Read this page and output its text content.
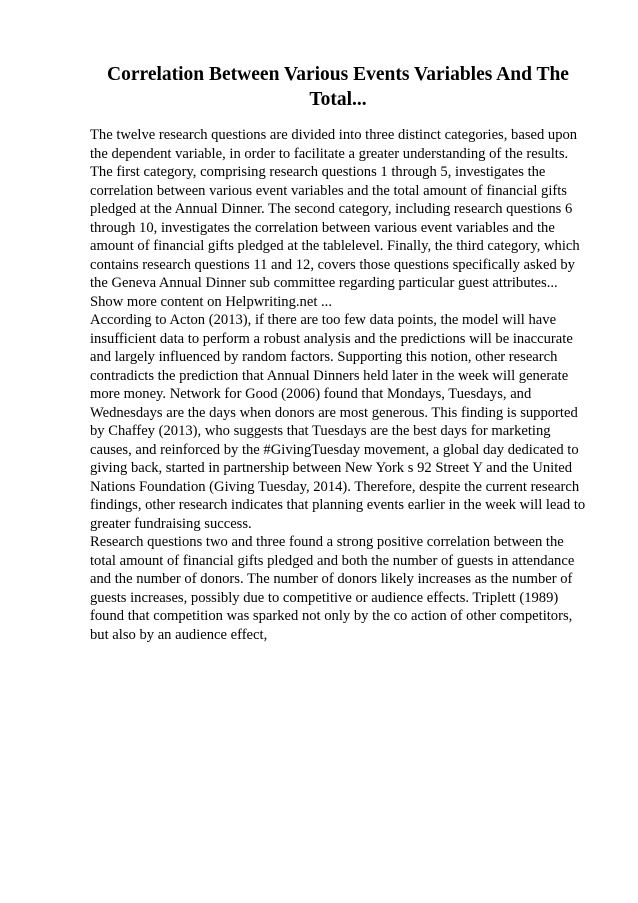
Correlation Between Various Events Variables And The Total...

The twelve research questions are divided into three distinct categories, based upon the dependent variable, in order to facilitate a greater understanding of the results. The first category, comprising research questions 1 through 5, investigates the correlation between various event variables and the total amount of financial gifts pledged at the Annual Dinner. The second category, including research questions 6 through 10, investigates the correlation between various event variables and the amount of financial gifts pledged at the tablelevel. Finally, the third category, which contains research questions 11 and 12, covers those questions specifically asked by the Geneva Annual Dinner sub committee regarding particular guest attributes... Show more content on Helpwriting.net ...

According to Acton (2013), if there are too few data points, the model will have insufficient data to perform a robust analysis and the predictions will be inaccurate and largely influenced by random factors. Supporting this notion, other research contradicts the prediction that Annual Dinners held later in the week will generate more money. Network for Good (2006) found that Mondays, Tuesdays, and Wednesdays are the days when donors are most generous. This finding is supported by Chaffey (2013), who suggests that Tuesdays are the best days for marketing causes, and reinforced by the #GivingTuesday movement, a global day dedicated to giving back, started in partnership between New York s 92 Street Y and the United Nations Foundation (Giving Tuesday, 2014). Therefore, despite the current research findings, other research indicates that planning events earlier in the week will lead to greater fundraising success.

Research questions two and three found a strong positive correlation between the total amount of financial gifts pledged and both the number of guests in attendance and the number of donors. The number of donors likely increases as the number of guests increases, possibly due to competitive or audience effects. Triplett (1989) found that competition was sparked not only by the co action of other competitors, but also by an audience effect,
